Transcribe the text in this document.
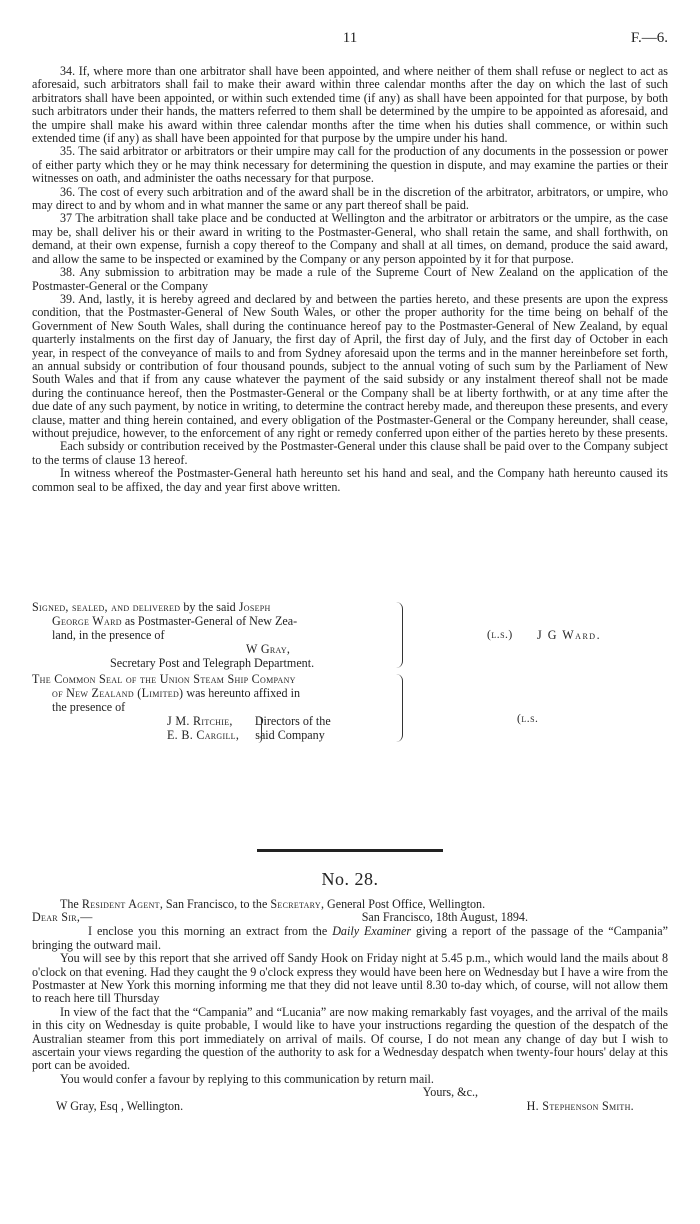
11	F.—6.

34. If, where more than one arbitrator shall have been appointed, and where neither of them shall refuse or neglect to act as aforesaid, such arbitrators shall fail to make their award within three calendar months after the day on which the last of such arbitrators shall have been appointed, or within such extended time (if any) as shall have been appointed for that purpose, by both such arbitrators under their hands, the matters referred to them shall be determined by the umpire to be appointed as aforesaid, and the umpire shall make his award within three calendar months after the time when his duties shall commence, or within such extended time (if any) as shall have been appointed for that purpose by the umpire under his hand.

35. The said arbitrator or arbitrators or their umpire may call for the production of any documents in the possession or power of either party which they or he may think necessary for determining the question in dispute, and may examine the parties or their witnesses on oath, and administer the oaths necessary for that purpose.

36. The cost of every such arbitration and of the award shall be in the discretion of the arbitrator, arbitrators, or umpire, who may direct to and by whom and in what manner the same or any part thereof shall be paid.

37 The arbitration shall take place and be conducted at Wellington and the arbitrator or arbitrators or the umpire, as the case may be, shall deliver his or their award in writing to the Postmaster-General, who shall retain the same, and shall forthwith, on demand, at their own expense, furnish a copy thereof to the Company and shall at all times, on demand, produce the said award, and allow the same to be inspected or examined by the Company or any person appointed by it for that purpose.

38. Any submission to arbitration may be made a rule of the Supreme Court of New Zealand on the application of the Postmaster-General or the Company

39. And, lastly, it is hereby agreed and declared by and between the parties hereto, and these presents are upon the express condition, that the Postmaster-General of New South Wales, or other the proper authority for the time being on behalf of the Government of New South Wales, shall during the continuance hereof pay to the Postmaster-General of New Zealand, by equal quarterly instalments on the first day of January, the first day of April, the first day of July, and the first day of October in each year, in respect of the conveyance of mails to and from Sydney aforesaid upon the terms and in the manner hereinbefore set forth, an annual subsidy or contribution of four thousand pounds, subject to the annual voting of such sum by the Parliament of New South Wales and that if from any cause whatever the payment of the said subsidy or any instalment thereof shall not be made during the continuance hereof, then the Postmaster-General or the Company shall be at liberty forthwith, or at any time after the due date of any such payment, by notice in writing, to determine the contract hereby made, and thereupon these presents, and every clause, matter and thing herein contained, and every obligation of the Postmaster-General or the Company hereunder, shall cease, without prejudice, however, to the enforcement of any right or remedy conferred upon either of the parties hereto by these presents.

Each subsidy or contribution received by the Postmaster-General under this clause shall be paid over to the Company subject to the terms of clause 13 hereof.

In witness whereof the Postmaster-General hath hereunto set his hand and seal, and the Company hath hereunto caused its common seal to be affixed, the day and year first above written.

Signed, sealed, and delivered by the said Joseph
George Ward as Postmaster-General of New Zea-
land, in the presence of
W Gray,
Secretary Post and Telegraph Department.
(l.s.) J G Ward.
The Common Seal of the Union Steam Ship Company
of New Zealand (Limited) was hereunto affixed in
the presence of
J M. Ritchie, Directors of the
E. B. Cargill, said Company
(l.s.
No. 28.

The Resident Agent, San Francisco, to the Secretary, General Post Office, Wellington.

Dear Sir,—	San Francisco, 18th August, 1894.

I enclose you this morning an extract from the Daily Examiner giving a report of the passage of the “Campania” bringing the outward mail.

You will see by this report that she arrived off Sandy Hook on Friday night at 5.45 p.m., which would land the mails about 8 o'clock on that evening. Had they caught the 9 o'clock express they would have been here on Wednesday but I have a wire from the Postmaster at New York this morning informing me that they did not leave until 8.30 to-day which, of course, will not allow them to reach here till Thursday

In view of the fact that the “Campania” and “Lucania” are now making remarkably fast voyages, and the arrival of the mails in this city on Wednesday is quite probable, I would like to have your instructions regarding the question of the despatch of the Australian steamer from this port immediately on arrival of mails. Of course, I do not mean any change of day but I wish to ascertain your views regarding the question of the authority to ask for a Wednesday despatch when twenty-four hours' delay at this port can be avoided.

You would confer a favour by replying to this communication by return mail.

Yours, &c.,
W Gray, Esq , Wellington.	H. Stephenson Smith.
